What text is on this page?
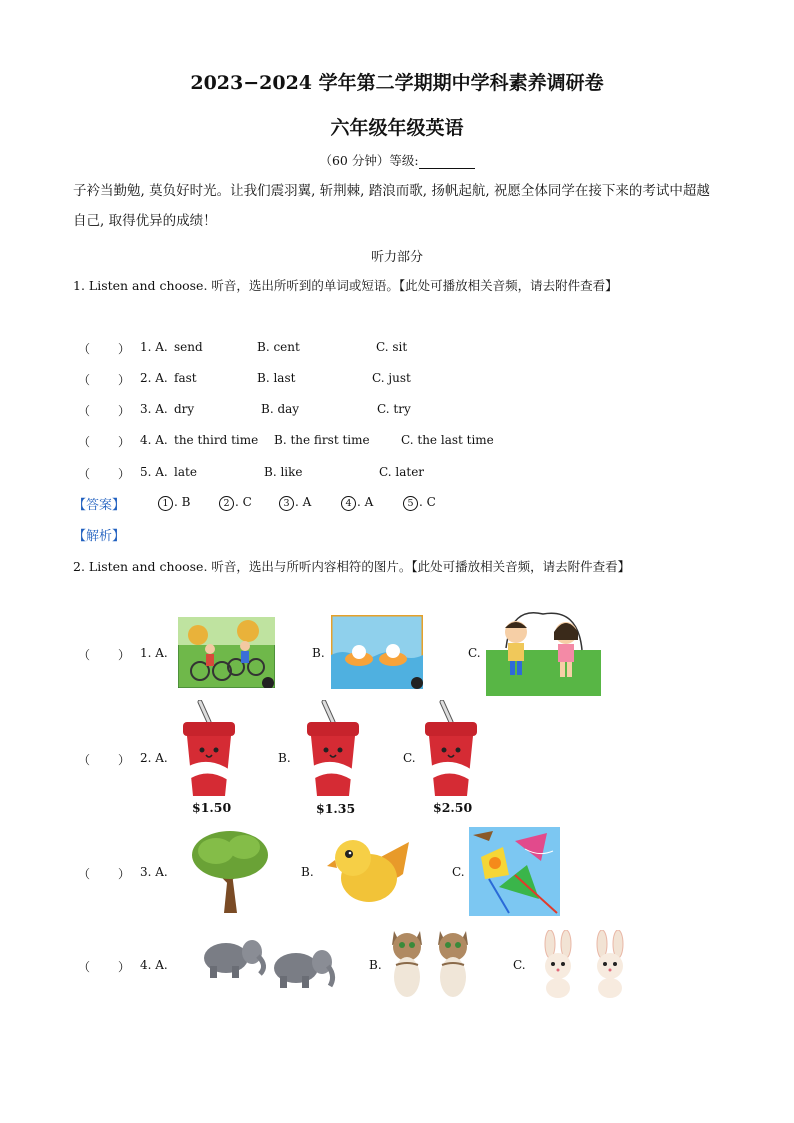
2023−2024 学年第二学期期中学科素养调研卷
六年级年级英语
（60 分钟）等级:
子衿当勤勉, 莫负好时光。让我们震羽翼, 斩荆棘, 踏浪而歌, 扬帆起航, 祝愿全体同学在接下来的考试中超越自己, 取得优异的成绩！
听力部分
1. Listen and choose. 听音，选出所听到的单词或短语。【此处可播放相关音频，请去附件查看】
（ ） 1. A. send	B. cent	C. sit
（ ） 2. A. fast	B. last	C. just
（ ） 3. A. dry	B. day	C. try
（ ） 4. A. the third time B. the first time	C. the last time
（ ） 5. A. late	B. like	C. later
【答案】	1 . B	2 . C	3 . A	4 . A	5 . C
【解析】
2. Listen and choose. 听音，选出与所听内容相符的图片。【此处可播放相关音频，请去附件查看】
（ ） 1. A.	B.	C.
（ ） 2. A.	B.	C.
$1.50	$1.35	$2.50
（ ） 3. A.	B.	C.
（ ） 4. A.	B.	C.
